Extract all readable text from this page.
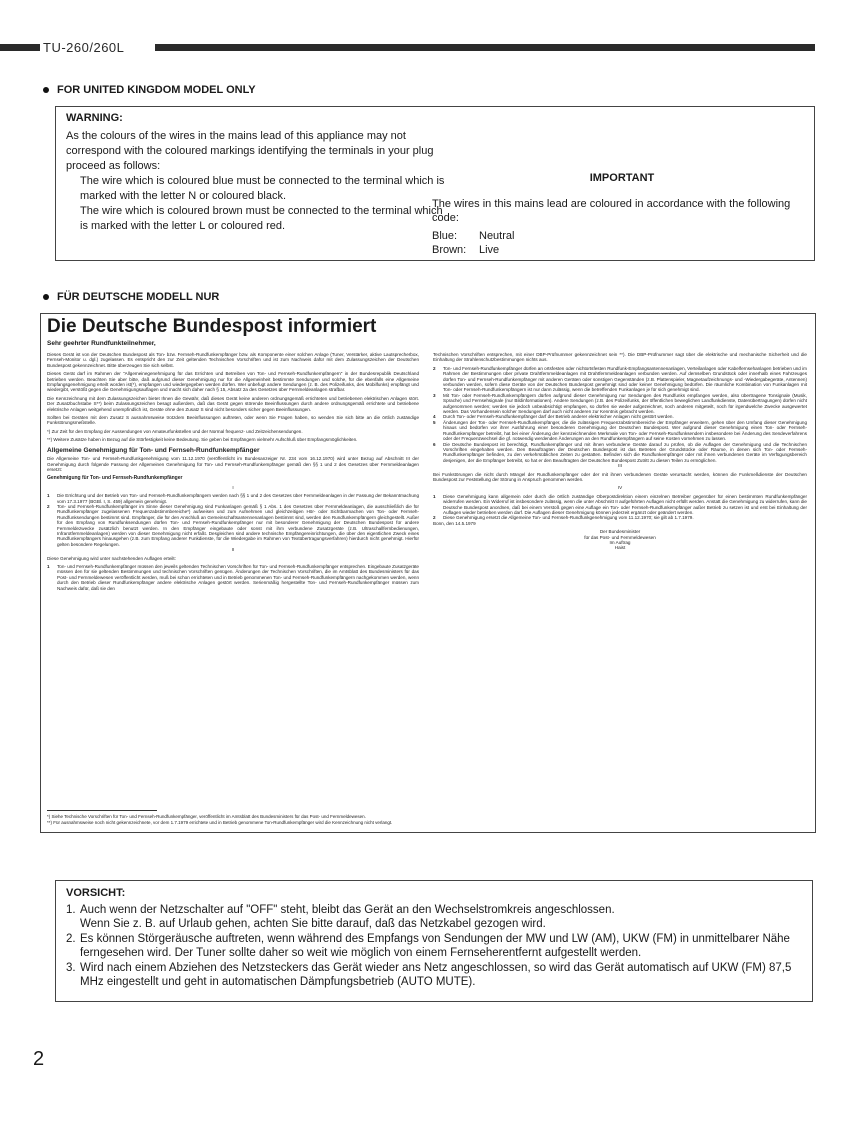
TU-260/260L
FOR UNITED KINGDOM MODEL ONLY
WARNING:
As the colours of the wires in the mains lead of this appliance may not correspond with the coloured markings identifying the terminals in your plug proceed as follows:
The wire which is coloured blue must be connected to the terminal which is marked with the letter N or coloured black.
The wire which is coloured brown must be connected to the terminal which is marked with the letter L or coloured red.
IMPORTANT
The wires in this mains lead are coloured in accordance with the following code:
Blue:	Neutral
Brown:	Live
FÜR DEUTSCHE MODELL NUR
Die Deutsche Bundespost informiert
Sehr geehrter Rundfunkteilnehmer,

Dieses Gerät ist von der Deutschen Bundespost als Ton- bzw. Fernseh-Rundfunkempfänger bzw. als Komponente einer solchen Anlage (Tuner, Verstärker, aktive Lautsprecherbox, Fernseh-Monitor u. dgl.) zugelassen. Es entspricht den zur Zeit geltenden Technischen Vorschriften und ist zum Nachweis dafür mit dem Zulassungszeichen der Deutschen Bundespost gekennzeichnet. Bitte überzeugen Sie sich selbst.

Dieses Gerät darf im Rahmen der "Allgemeinegenehmigung für das Errichten und Betreiben von Ton- und Fernseh-Rundfunkempfängern" in der Bundesrepublik Deutschland betrieben werden. Beachten Sie aber bitte, daß aufgrund dieser Genehmigung nur für die Allgemeinheit bestimmte Sendungen und solche, für die ebenfalls eine Allgemeine Empfangsgenehmigung erteilt worden ist(*), empfangen und wiedergegeben werden dürfen. Wer unbefugt andere Sendungen (z. B. des Polizeifunks, des Mobilfunks) empfängt und wiedergibt, verstößt gegen die Genehmigungsauflagen und macht sich daher nach § 15, Absatz 2a des Gesetzes über Fernmeldeanlagen strafbar.

Die Kennzeichnung mit dem Zulassungszeichen bietet Ihnen die Gewähr, daß dieses Gerät keine anderen ordnungsgemäß errichteten und betriebenen elektrischen Anlagen stört. Der Zusatzbuchstabe S**) beim Zulassungszeichen besagt außerdem, daß das Gerät gegen störende Beeinflussungen durch andere ordnungsgemäß errichtete und betriebene elektrische Anlagen weitgehend unempfindlich ist, Geräte ohne den Zusatz S sind nicht besonders sicher gegen Beeinflussungen.

Sollten bei Geräten mit dem Zusatz S ausnahmsweise trotzdem Beeinflussungen auftreten, oder wenn Sie Fragen haben, so wenden Sie sich bitte an die örtlich zuständige Funkstörungsmeßstelle.

*) Zur Zeit für den Empfang der Aussendungen von Amateurfunkstellen und der Normal frequenz- und Zeitzeichensendungen.

**) Weitere Zusätze haben in Bezug auf die Störfestigkeit keine Bedeutung. Sie geben bei Empfängern vielmehr Aufschluß über Empfangsmöglichkeiten.

Allgemeine Genehmigung für Ton- und Fernseh-Rundfunkempfänger

Die Allgemeine Ton- und Fernseh-Rundfunkgenehmigung vom 11.12.1970 (veröffentlicht im Bundesanzeiger Nr. 234 vom 16.12.1970) wird unter Bezug auf Abschnitt III der Genehmigung durch folgende Fassung der Allgemeinen Genehmigung für Ton- und Fernseh-Rundfunkempfänger gemäß den §§ 1 und 2 des Gesetzes über Fernmeldeanlagen ersetzt:

Genehmigung für Ton- und Fernseh-Rundfunkempfänger

I

1	Die Errichtung und der Betrieb von Ton- und Fernseh-Rundfunkempfängern werden nach §§ 1 und 2 des Gesetzes über Fernmeldeanlagen in der Fassung der Bekanntmachung vom 17.3.1977 (BGBl. I, S. 459) allgemein genehmigt.
2	Ton- und Fernseh-Rundfunkempfänger im Sinne dieser Genehmigung sind Funkanlagen gemäß § 1 Abs. 1 des Gesetzes über Fernmeldeanlagen, die ausschließlich die für Rundfunkempfänger zugelassenen Frequenzabstimmbereiche*) aufweisen und zum Aufnehmen und gleichzeitigen Hör- oder Sichtbarmachen von Ton- oder Fernseh-Rundfunksendungen bestimmt sind. Empfänger, die für den Anschluß an Gemeinschaftsantennenanlagen bestimmt sind, werden den Rundfunkempfängern gleichgestellt. Außer für den Empfang von Rundfunksendungen dürfen Ton- und Fernseh-Rundfunkempfänger nur mit besonderer Genehmigung der Deutschen Bundespost für andere Fernmeldezwecke zusätzlich benutzt werden. In den Empfänger eingebaute oder sonst mit ihm verbundene Zusatzgeräte (z.B. Ultraschallfernbedienungen, Infrarotfernmeldeanlagen) werden von dieser Genehmigung nicht erfaßt. Desgleichen sind andere technische Empfängereinrichtungen, die über den eigentlichen Zweck eines Rundfunkempfängers hinausgehen (z.B. zum Empfang anderer Funkdienste, für die Wiedergabe im Rahmen von Textübertragungsverfahren) hierdurch nicht genehmigt. Hierfür gelten besondere Regelungen.

II

Diese Genehmigung wird unter nachstehenden Auflagen erteilt:

1	Ton- und Fernseh-Rundfunkempfänger müssen den jeweils geltenden Technischen Vorschriften für Ton- und Fernseh-Rundfunkempfänger entsprechen. Eingebaute Zusatzgeräte müssen den für sie geltenden Bestimmungen und technischen Vorschriften genügen. Änderungen der Technischen Vorschriften, die im Amtsblatt des Bundesministers für das Post- und Fernmeldewesen veröffentlicht werden, muß bei schon errichteten und in Betrieb genommenen Ton- und Fernseh-Rundfunkempfängern nachgekommen werden, wenn durch den Betrieb dieser Rundfunkempfänger andere elektrische Anlagen gestört werden. Serienmäßig hergestellte Ton- und Fernseh-Rundfunkempfänger müssen zum Nachweis dafür, daß sie den

Technischen Vorschriften entsprechen, mit einer DBP-Prüfnummer gekennzeichnet sein **). Die DBP-Prüfnummer sagt über die elektrische und mechanische Sicherheit und die Einhaltung der Strahlenschutzbestimmungen nichts aus.

2	Ton- und Fernseh-Rundfunkempfänger dürfen an ortsfesten oder nichtortsfesten Rundfunk-Empfangsantennenanlagen, Verteilanlagen oder Kabelfernsehanlagen betrieben und im Rahmen der Bestimmungen über private Drahtfernmeldeanlagen mit Drahtfernmeldeanlagen verbunden werden. Auf demselben Grundstück oder innerhalb eines Fahrzeuges dürfen Ton- und Fernseh-Rundfunkempfänger mit anderen Geräten oder sonstigen Gegenständen (z.B. Plattenspieler, Magnetaufzeichnungs- und -Wiedergabegeräte, Antennen) verbunden werden, sofern diese Geräte von der Deutschen Bundespost genehmigt sind oder keiner Genehmigung bedürfen. Die räumliche Kombination von Funkanlagen mit Ton- oder Fernseh-Rundfunkempfängern ist nur dann zulässig, wenn die betreffenden Funkanlagen je für sich genehmigt sind.
3	Mit Ton- oder Fernseh-Rundfunkempfängern dürfen aufgrund dieser Genehmigung nur Sendungen des Rundfunks empfangen werden, also übertragene Tonsignale (Musik, Sprache) und Fernsehsignale (nur Bildinformationen). Andere Sendungen (z.B. des Polizeifunks, der öffentlichen beweglichen Landfunkdienste, Datenübertragungen) dürfen nicht aufgenommen werden; werden sie jedoch unbeabsichtigt empfangen, so dürfen sie weder aufgezeichnet, noch anderen mitgeteilt, noch für irgendwelche Zwecke ausgewertet werden. Das Vorhandensein solcher Sendungen darf auch nicht anderen zur Kenntnis gebracht werden.
4	Durch Ton- oder Fernseh-Rundfunkempfänger darf der Betrieb anderer elektrischer Anlagen nicht gestört werden.
5	Änderungen der Ton- oder Fernseh-Rundfunkempfänger, die die zulässigen Frequenzabstimmbereiche der Empfänger erweitern, gehen über den Umfang dieser Genehmigung hinaus und bedürfen vor ihrer Ausführung einer besonderen Genehmigung der Deutschen Bundespost. Wer aufgrund dieser Genehmigung einen Ton- oder Fernseh-Rundfunkempfänger betreibt, hat bei einer Änderung der kennzeichnenden Merkmale von Ton- oder Fernseh-Rundfunksendern insbesondere bei Änderung des Sendeverfahrens oder der Frequenzwechsel die gf. notwendig werdenden Änderungen an den Rundfunkempfängern auf seine Kosten vornehmen zu lassen.
6	Die Deutsche Bundespost ist berechtigt, Rundfunkempfänger und mit ihnen verbundene Geräte darauf zu prüfen, ob die Auflagen der Genehmigung und die Technischen Vorschriften eingehalten werden. Den Beauftragten der Deutschen Bundespost ist das Betreten der Grundstücke oder Räume, in denen sich Ton- oder Fernseh-Rundfunkempfänger befinden, zu den verkehrsüblichen Zeiten zu gestatten. Befinden sich die Rundfunkempfänger oder mit ihnen verbundenen Geräte im Verfügungsbereich desjenigen, der die Empfänger betreibt, so hat er den Beauftragten der Deutschen Bundespost Zutritt zu diesen Teilen zu ermöglichen.

III

Bei Funkstörungen die nicht durch Mängel der Rundfunkempfänger oder der mit ihnen verbundenen Geräte verursacht werden, können die Funkmeßdienste der Deutschen Bundespost zur Feststellung der Störung in Anspruch genommen werden.

IV

1	Diese Genehmigung kann allgemein oder durch die örtlich zuständige Oberpostdirektion einem einzelnen Betreiber gegenüber für einen bestimmten Rundfunkempfänger widerrufen werden. Ein Widerruf ist insbesondere zulässig, wenn die unter Abschnitt II aufgeführten Auflagen nicht erfüllt werden. Anstatt die Genehmigung zu widerrufen, kann die Deutsche Bundespost anordnen, daß bei einem Verstoß gegen eine Auflage ein Ton- oder Fernseh-Rundfunkempfänger außer Betrieb zu setzen ist und erst bei Einhaltung der Auflagen wieder betrieben werden darf. Die Auflagen dieser Genehmigung können jederzeit ergänzt oder geändert werden.
2	Diese Genehmigung ersetzt die Allgemeine Ton- und Fernseh-Rundfunkgenehmigung vom 11.12.1970; sie gilt ab 1.7.1979.

Bonn, den 14.5.1979

Der Bundesminister
für das Post- und Fernmeldewesen
Im Auftrag
Haist
*) Siehe Technische Vorschriften für Ton- und Fernseh-Rundfunkempfänger, veröffentlicht im Amtsblatt des Bundesministers für das Post- und Fernmeldewesen.
**) Für ausnahmsweise noch nicht gekennzeichnete, vor dem 1.7.1979 errichtete und in Betrieb genommene Ton-Rundfunkempfänger wird die Kennzeichnung nicht verlangt.
VORSICHT:
1. Auch wenn der Netzschalter auf "OFF" steht, bleibt das Gerät an den Wechselstromkreis angeschlossen.
Wenn Sie z. B. auf Urlaub gehen, achten Sie bitte darauf, daß das Netzkabel gezogen wird.
2. Es können Störgeräusche auftreten, wenn während des Empfangs von Sendungen der MW und LW (AM), UKW (FM) in unmittelbarer Nähe ferngesehen wird. Der Tuner sollte daher so weit wie möglich von einem Fernseherentfernt aufgestellt werden.
3. Wird nach einem Abziehen des Netzsteckers das Gerät wieder ans Netz angeschlossen, so wird das Gerät automatisch auf UKW (FM) 87,5 MHz eingestellt und geht in automatischen Dämpfungsbetrieb (AUTO MUTE).
2
